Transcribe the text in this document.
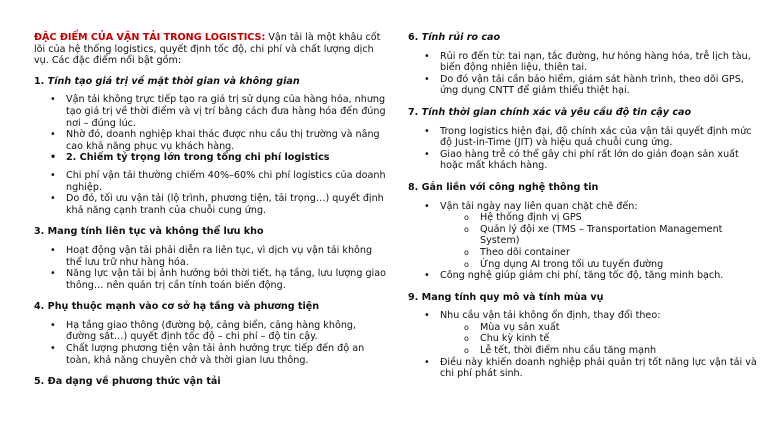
ĐẶC ĐIỂM CỦA VẬN TẢI TRONG LOGISTICS: Vận tải là một khâu cốt lõi của hệ thống logistics, quyết định tốc độ, chi phí và chất lượng dịch vụ. Các đặc điểm nổi bật gồm:

1. Tính tạo giá trị về mặt thời gian và không gian

• Vận tải không trực tiếp tạo ra giá trị sử dụng của hàng hóa, nhưng tạo giá trị về thời điểm và vị trí bằng cách đưa hàng hóa đến đúng nơi – đúng lúc.
• Nhờ đó, doanh nghiệp khai thác được nhu cầu thị trường và nâng cao khả năng phục vụ khách hàng.
• 2. Chiếm tỷ trọng lớn trong tổng chi phí logistics
• Chi phí vận tải thường chiếm 40%–60% chi phí logistics của doanh nghiệp.
• Do đó, tối ưu vận tải (lộ trình, phương tiện, tải trọng…) quyết định khả năng cạnh tranh của chuỗi cung ứng.

3. Mang tính liên tục và không thể lưu kho

• Hoạt động vận tải phải diễn ra liên tục, vì dịch vụ vận tải không thể lưu trữ như hàng hóa.
• Năng lực vận tải bị ảnh hưởng bởi thời tiết, hạ tầng, lưu lượng giao thông… nên quản trị cần tính toán biến động.

4. Phụ thuộc mạnh vào cơ sở hạ tầng và phương tiện

• Hạ tầng giao thông (đường bộ, cảng biển, cảng hàng không, đường sắt…) quyết định tốc độ – chi phí – độ tin cậy.
• Chất lượng phương tiện vận tải ảnh hưởng trực tiếp đến độ an toàn, khả năng chuyên chở và thời gian lưu thông.

5. Đa dạng về phương thức vận tải

6. Tính rủi ro cao

• Rủi ro đến từ: tai nạn, tắc đường, hư hỏng hàng hóa, trễ lịch tàu, biến động nhiên liệu, thiên tai.
• Do đó vận tải cần bảo hiểm, giám sát hành trình, theo dõi GPS, ứng dụng CNTT để giảm thiểu thiệt hại.

7. Tính thời gian chính xác và yêu cầu độ tin cậy cao

• Trong logistics hiện đại, độ chính xác của vận tải quyết định mức độ Just-in-Time (JIT) và hiệu quả chuỗi cung ứng.
• Giao hàng trễ có thể gây chi phí rất lớn do gián đoạn sản xuất hoặc mất khách hàng.

8. Gắn liền với công nghệ thông tin

• Vận tải ngày nay liên quan chặt chẽ đến:
o Hệ thống định vị GPS
o Quản lý đội xe (TMS – Transportation Management System)
o Theo dõi container
o Ứng dụng AI trong tối ưu tuyến đường
• Công nghệ giúp giảm chi phí, tăng tốc độ, tăng minh bạch.

9. Mang tính quy mô và tính mùa vụ

• Nhu cầu vận tải không ổn định, thay đổi theo:
o Mùa vụ sản xuất
o Chu kỳ kinh tế
o Lễ tết, thời điểm nhu cầu tăng mạnh
• Điều này khiến doanh nghiệp phải quản trị tốt năng lực vận tải và chi phí phát sinh.
